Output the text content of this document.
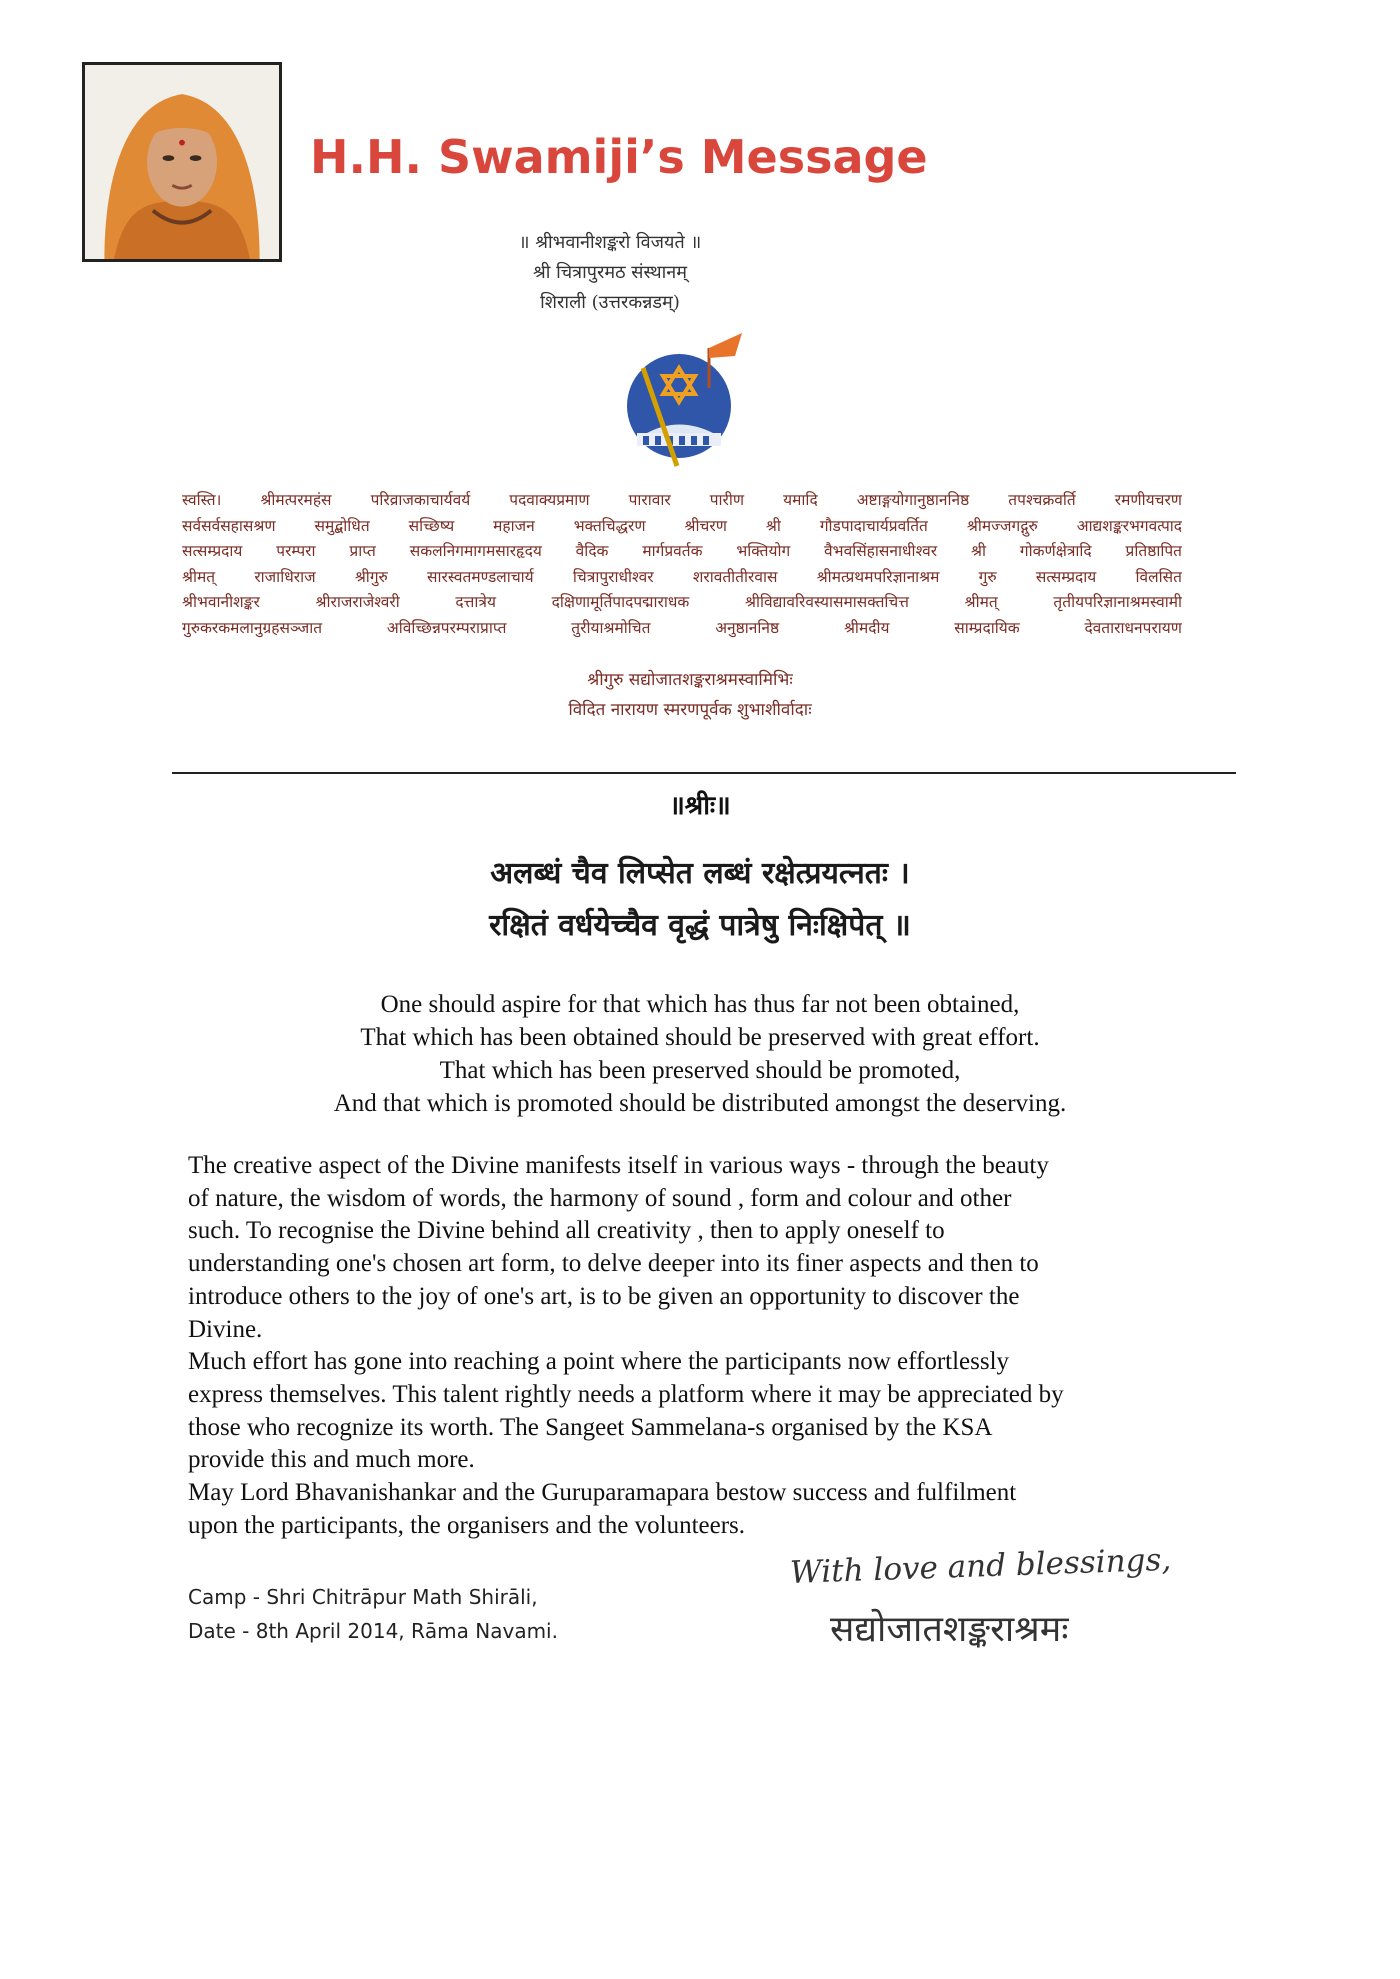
H.H. Swamiji’s Message
॥ श्रीभवानीशङ्करो विजयते ॥
श्री चित्रापुरमठ संस्थानम्
शिराली (उत्तरकन्नडम्)
स्वस्ति। श्रीमत्परमहंस परिव्राजकाचार्यवर्य पदवाक्यप्रमाण पारावार पारीण यमादि अष्टाङ्गयोगानुष्ठाननिष्ठ तपश्चक्रवर्ति रमणीयचरण
सर्वसर्वसहासश्रण समुद्बोधित सच्छिष्य महाजन भक्तचिद्धरण श्रीचरण श्री गौडपादाचार्यप्रवर्तित श्रीमज्जगद्गुरु आद्यशङ्करभगवत्पाद
सत्सम्प्रदाय परम्परा प्राप्त सकलनिगमागमसारहृदय वैदिक मार्गप्रवर्तक भक्तियोग वैभवसिंहासनाधीश्वर श्री गोकर्णक्षेत्रादि प्रतिष्ठापित
श्रीमत् राजाधिराज श्रीगुरु सारस्वतमण्डलाचार्य चित्रापुराधीश्वर शरावतीतीरवास श्रीमत्प्रथमपरिज्ञानाश्रम गुरु सत्सम्प्रदाय विलसित
श्रीभवानीशङ्कर श्रीराजराजेश्वरी दत्तात्रेय दक्षिणामूर्तिपादपद्माराधक श्रीविद्यावरिवस्यासमासक्तचित्त श्रीमत् तृतीयपरिज्ञानाश्रमस्वामी
गुरुकरकमलानुग्रहसञ्जात अविच्छिन्नपरम्पराप्राप्त तुरीयाश्रमोचित अनुष्ठाननिष्ठ श्रीमदीय साम्प्रदायिक देवताराधनपरायण
श्रीगुरु सद्योजातशङ्कराश्रमस्वामिभिः
विदित नारायण स्मरणपूर्वक शुभाशीर्वादाः
॥श्रीः॥
अलब्धं चैव लिप्सेत लब्धं रक्षेत्प्रयत्नतः ।
रक्षितं वर्धयेच्चैव वृद्धं पात्रेषु निःक्षिपेत् ॥
One should aspire for that which has thus far not been obtained,
That which has been obtained should be preserved with great effort.
That which has been preserved should be promoted,
And that which is promoted should be distributed amongst the deserving.
The creative aspect of the Divine manifests itself in various ways - through the beauty
of nature, the wisdom of words, the harmony of sound , form and colour and other
such. To recognise the Divine behind all creativity , then to apply oneself to
understanding one's chosen art form, to delve deeper into its finer aspects and then to
introduce others to the joy of one's art, is to be given an opportunity to discover the
Divine.
Much effort has gone into reaching a point where the participants now effortlessly
express themselves. This talent rightly needs a platform where it may be appreciated by
those who recognize its worth. The Sangeet Sammelana-s organised by the KSA
provide this and much more.
May Lord Bhavanishankar and the Guruparamapara bestow success and fulfilment
upon the participants, the organisers and the volunteers.
Camp - Shri Chitrāpur Math Shirāli,
Date - 8th April 2014, Rāma Navami.
With love and blessings,
सद्योजातशङ्कराश्रमः
